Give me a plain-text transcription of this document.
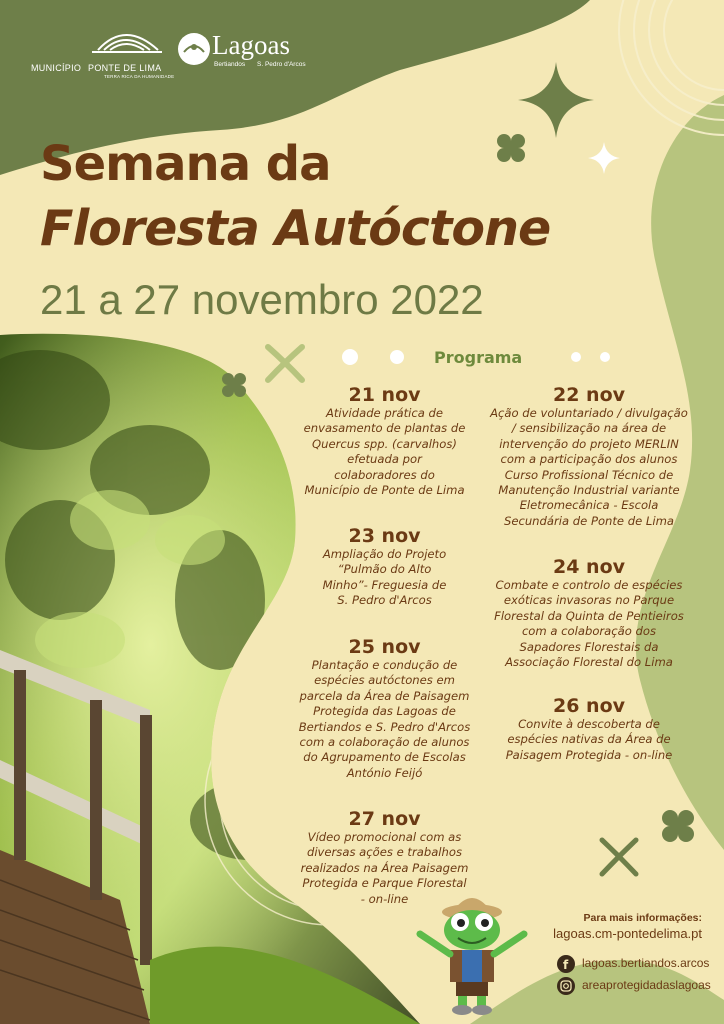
f
MUNICÍPIO PONTE DE LIMA
TERRA RICA DA HUMANIDADE
Lagoas
Bertiandos S. Pedro d'Arcos
Semana da
Floresta Autóctone
21 a 27 novembro 2022
Programa
21 nov
Atividade prática de
envasamento de plantas de
Quercus spp. (carvalhos)
efetuada por
colaboradores do
Município de Ponte de Lima
22 nov
Ação de voluntariado / divulgação
/ sensibilização na área de
intervenção do projeto MERLIN
com a participação dos alunos
Curso Profissional Técnico de
Manutenção Industrial variante
Eletromecânica - Escola
Secundária de Ponte de Lima
23 nov
Ampliação do Projeto
“Pulmão do Alto
Minho”- Freguesia de
S. Pedro d'Arcos
24 nov
Combate e controlo de espécies
exóticas invasoras no Parque
Florestal da Quinta de Pentieiros
com a colaboração dos
Sapadores Florestais da
Associação Florestal do Lima
25 nov
Plantação e condução de
espécies autóctones em
parcela da Área de Paisagem
Protegida das Lagoas de
Bertiandos e S. Pedro d'Arcos
com a colaboração de alunos
do Agrupamento de Escolas
António Feijó
26 nov
Convite à descoberta de
espécies nativas da Área de
Paisagem Protegida - on-line
27 nov
Vídeo promocional com as
diversas ações e trabalhos
realizados na Área Paisagem
Protegida e Parque Florestal
- on-line
Para mais informações:
lagoas.cm-pontedelima.pt
lagoas.bertiandos.arcos
areaprotegidadaslagoas
